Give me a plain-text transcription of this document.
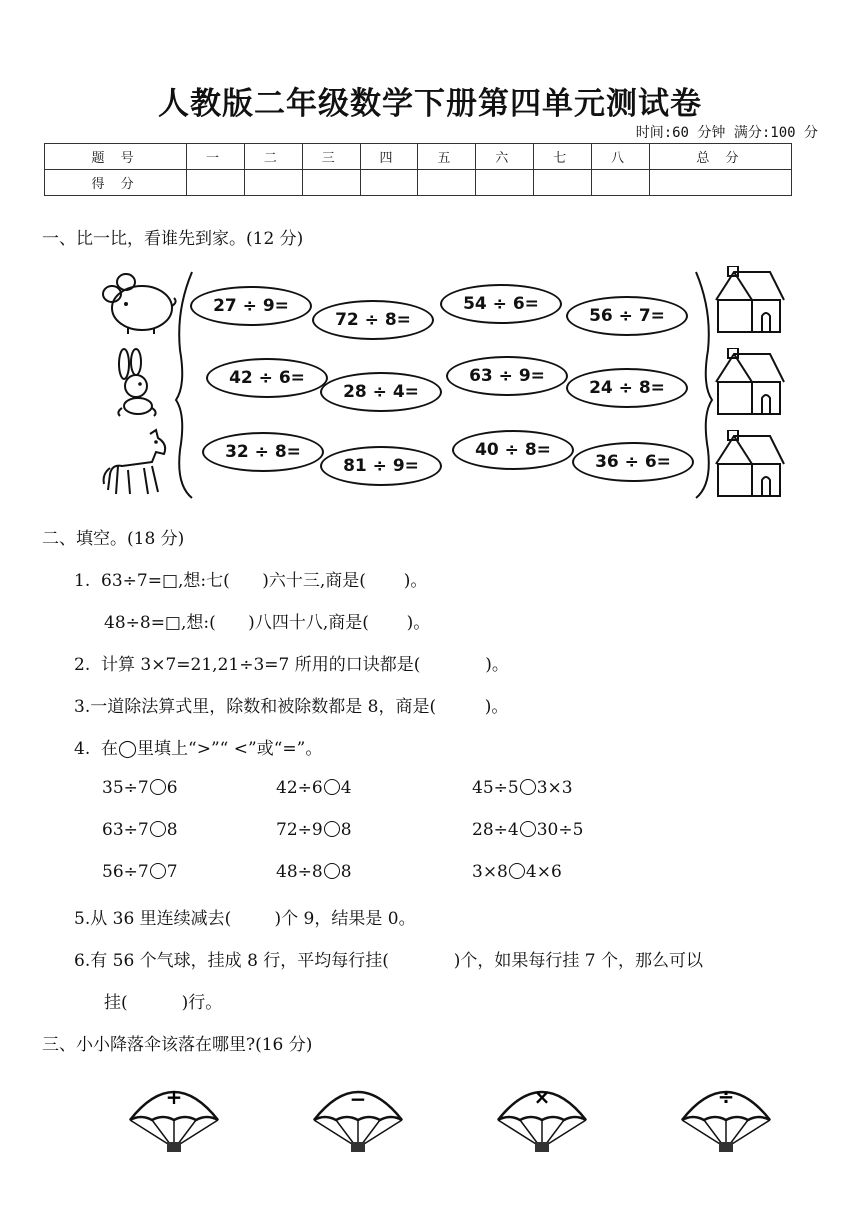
人教版二年级数学下册第四单元测试卷
时间:60 分钟 满分:100 分
题 号	一	二	三	四	五	六	七	八	总 分
得 分									
一、比一比，看谁先到家。(12 分)
27 ÷ 9=
72 ÷ 8=
54 ÷ 6=
56 ÷ 7=
42 ÷ 6=
28 ÷ 4=
63 ÷ 9=
24 ÷ 8=
32 ÷ 8=
81 ÷ 9=
40 ÷ 8=
36 ÷ 6=
二、填空。(18 分)
1.  63÷7=□,想:七(      )六十三,商是(       )。
48÷8=□,想:(      )八四十八,商是(       )。
2.  计算 3×7=21,21÷3=7 所用的口诀都是(            )。
3.一道除法算式里，除数和被除数都是 8，商是(         )。
4.  在◯里填上“>”“ <”或“=”。
35÷7 6	42÷6 4	45÷5 3×3
63÷7 8	72÷9 8	28÷4 30÷5
56÷7 7	48÷8 8	3×8 4×6
5.从 36 里连续减去(        )个 9，结果是 0。
6.有 56 个气球，挂成 8 行，平均每行挂(            )个，如果每行挂 7 个，那么可以
挂(          )行。
三、小小降落伞该落在哪里?(16 分)
+	−	×	÷
